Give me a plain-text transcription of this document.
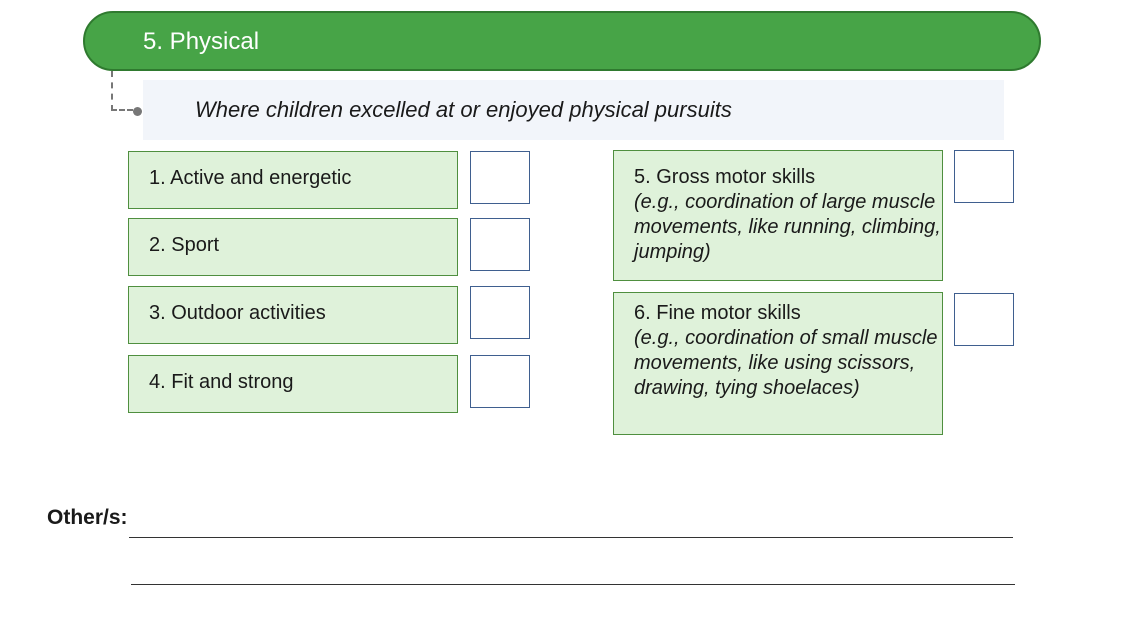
5. Physical
Where children excelled at or enjoyed physical pursuits
1. Active and energetic
2. Sport
3. Outdoor activities
4. Fit and strong
5. Gross motor skills
(e.g., coordination of large muscle movements, like running, climbing, jumping)
6. Fine motor skills
(e.g., coordination of small muscle movements, like using scissors, drawing, tying shoelaces)
Other/s:
